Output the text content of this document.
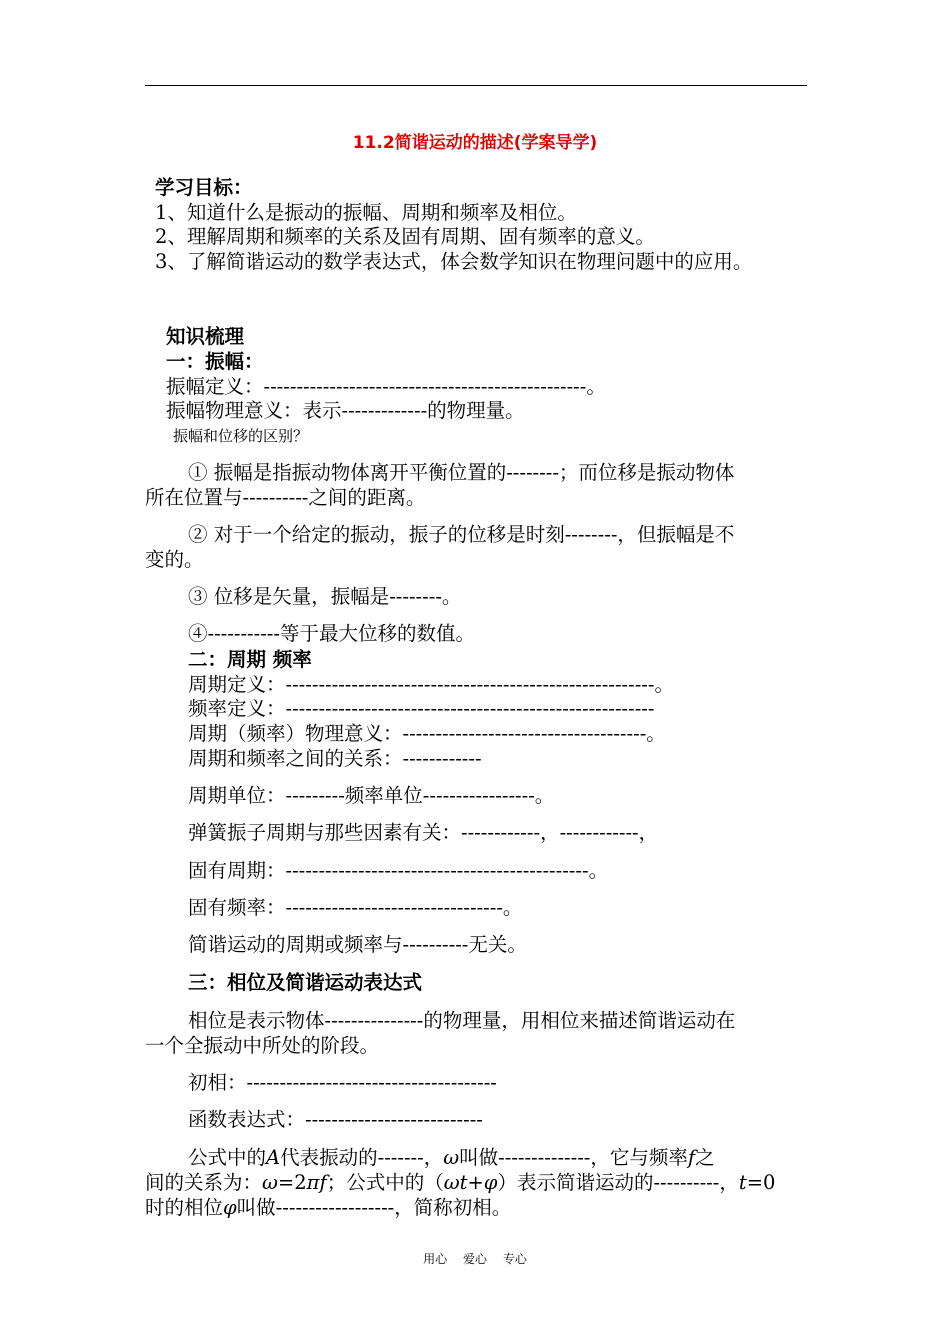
11.2简谐运动的描述(学案导学)
学习目标：
1、知道什么是振动的振幅、周期和频率及相位。
2、理解周期和频率的关系及固有周期、固有频率的意义。
3、了解简谐运动的数学表达式，体会数学知识在物理问题中的应用。
知识梳理
一：振幅：
振幅定义：-------------------------------------------------。
振幅物理意义：表示-------------的物理量。
振幅和位移的区别？
① 振幅是指振动物体离开平衡位置的--------；而位移是振动物体
所在位置与----------之间的距离。
② 对于一个给定的振动，振子的位移是时刻--------，但振幅是不
变的。
③ 位移是矢量，振幅是--------。
④-----------等于最大位移的数值。
二：周期 频率
周期定义：--------------------------------------------------------。
频率定义：--------------------------------------------------------
周期（频率）物理意义：-------------------------------------。
周期和频率之间的关系：------------
周期单位：---------频率单位-----------------。
弹簧振子周期与那些因素有关：------------，------------，
固有周期：----------------------------------------------。
固有频率：---------------------------------。
简谐运动的周期或频率与----------无关。
三：相位及简谐运动表达式
相位是表示物体---------------的物理量，用相位来描述简谐运动在
一个全振动中所处的阶段。
初相：--------------------------------------
函数表达式：---------------------------
公式中的A代表振动的-------，ω叫做--------------，它与频率f之
间的关系为：ω=2πf；公式中的（ωt+φ）表示简谐运动的----------，t=0
时的相位φ叫做------------------，简称初相。
用心 爱心 专心
